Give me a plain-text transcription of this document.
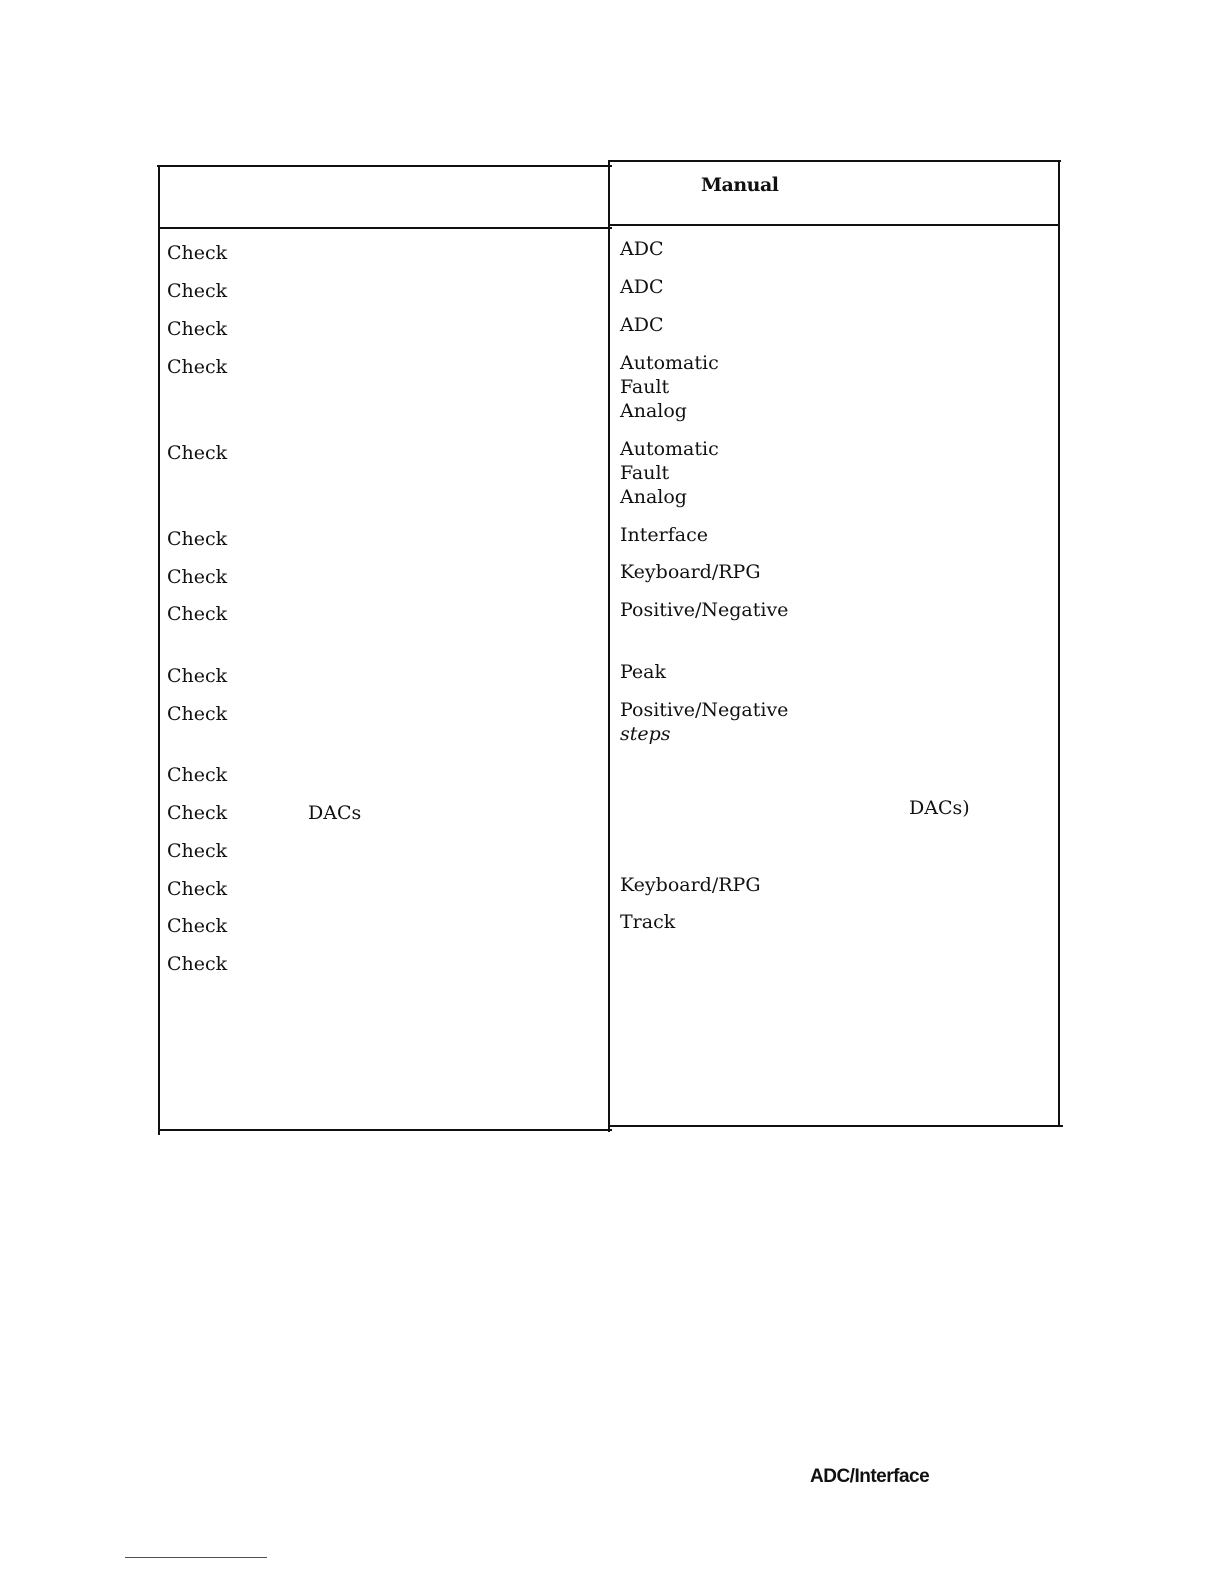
Manual
Check
Check
Check
Check
Check
Check
Check
Check
Check
Check
Check
Check	DACs
Check
Check
Check
Check
ADC
ADC
ADC
Automatic
Fault
Analog
Automatic
Fault
Analog
Interface
Keyboard/RPG
Positive/Negative
Peak
Positive/Negative
steps
DACs)
Keyboard/RPG
Track
ADC/Interface
